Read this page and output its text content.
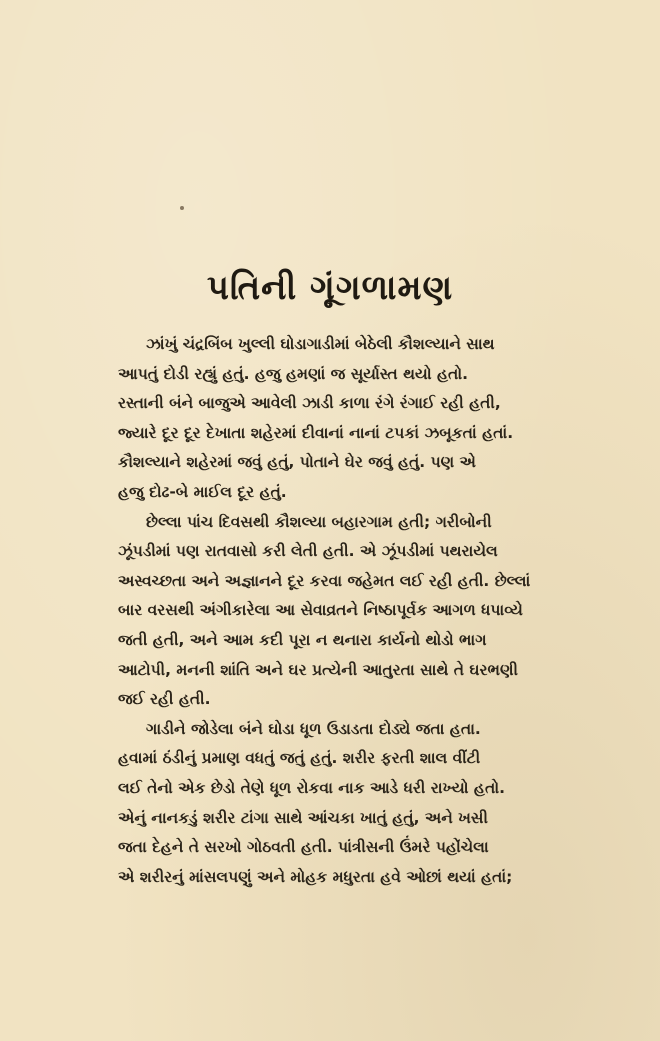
પતિની ગૂંગળામણ
ઝાંખું ચંદ્રબિંબ ખુલ્લી ઘોડાગાડીમાં બેઠેલી કૌશલ્યાને સાથ
આપતું દોડી રહ્યું હતું. હજુ હમણાં જ સૂર્યાસ્ત થયો હતો.
રસ્તાની બંને બાજુએ આવેલી ઝાડી કાળા રંગે રંગાઈ રહી હતી,
જ્યારે દૂર દૂર દેખાતા શહેરમાં દીવાનાં નાનાં ટપકાં ઝબૂકતાં હતાં.
કૌશલ્યાને શહેરમાં જવું હતું, પોતાને ઘેર જવું હતું. પણ એ
હજુ દોઢ-બે માઈલ દૂર હતું.
છેલ્લા પાંચ દિવસથી કૌશલ્યા બહારગામ હતી; ગરીબોની
ઝૂંપડીમાં પણ રાતવાસો કરી લેતી હતી. એ ઝૂંપડીમાં પથરાયેલ
અસ્વચ્છતા અને અજ્ઞાનને દૂર કરવા જહેમત લઈ રહી હતી. છેલ્લાં
બાર વરસથી અંગીકારેલા આ સેવાવ્રતને નિષ્ઠાપૂર્વક આગળ ધપાવ્યે
જતી હતી, અને આમ કદી પૂરા ન થનારા કાર્યનો થોડો ભાગ
આટોપી, મનની શાંતિ અને ઘર પ્રત્યેની આતુરતા સાથે તે ઘરભણી
જઈ રહી હતી.
ગાડીને જોડેલા બંને ઘોડા ધૂળ ઉડાડતા દોડ્યે જતા હતા.
હવામાં ઠંડીનું પ્રમાણ વધતું જતું હતું. શરીર ફરતી શાલ વીંટી
લઈ તેનો એક છેડો તેણે ધૂળ રોકવા નાક આડે ધરી રાખ્યો હતો.
એનું નાનકડું શરીર ટાંગા સાથે આંચકા ખાતું હતું, અને ખસી
જતા દેહને તે સરખો ગોઠવતી હતી. પાંત્રીસની ઉંમરે પહોંચેલા
એ શરીરનું માંસલપણું અને મોહક મધુરતા હવે ઓછાં થયાં હતાં;
